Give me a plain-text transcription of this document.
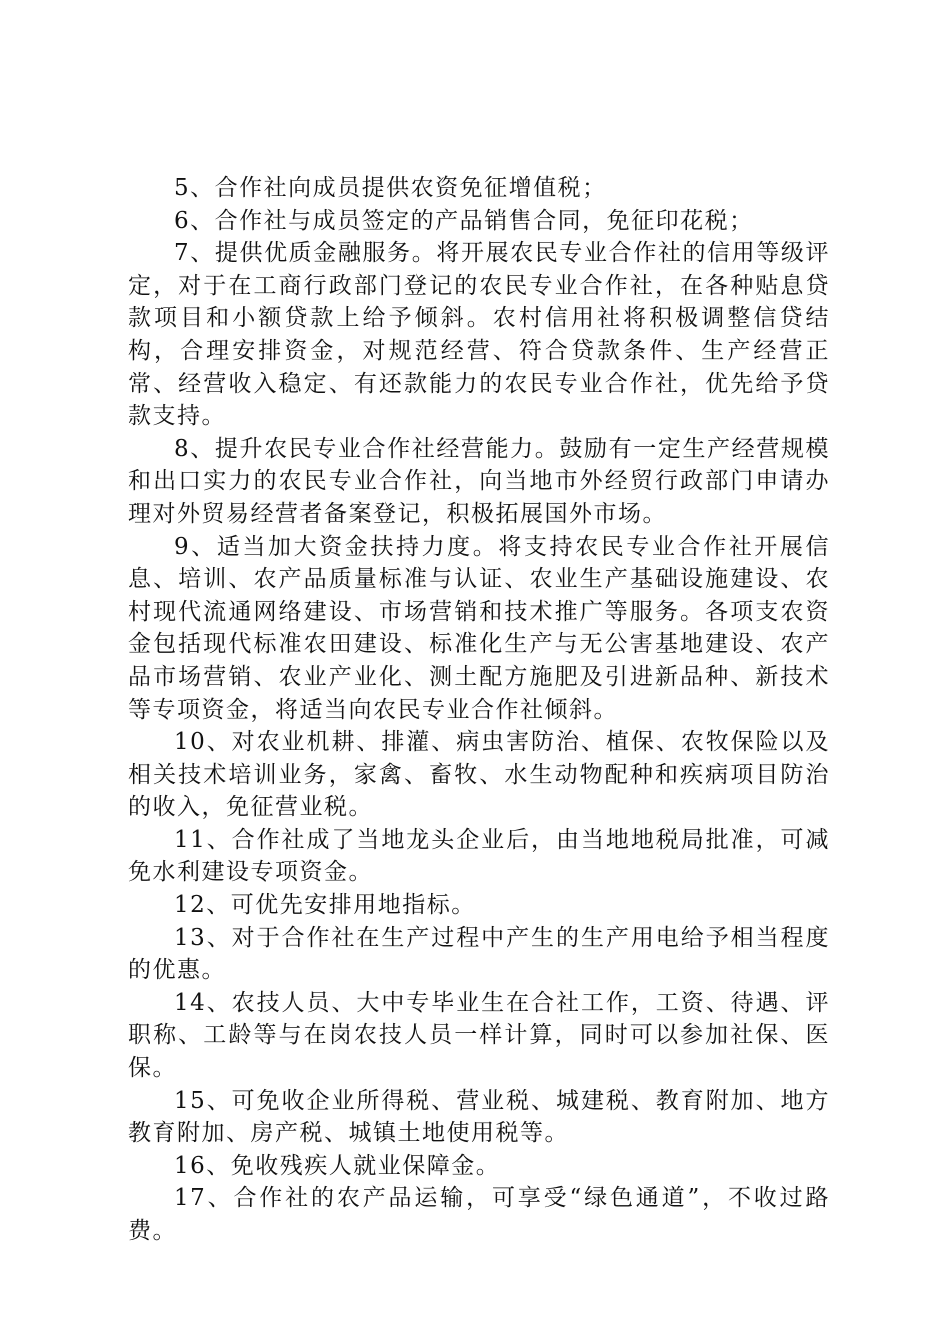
5、合作社向成员提供农资免征增值税；

6、合作社与成员签定的产品销售合同，免征印花税；

7、提供优质金融服务。将开展农民专业合作社的信用等级评定，对于在工商行政部门登记的农民专业合作社，在各种贴息贷款项目和小额贷款上给予倾斜。农村信用社将积极调整信贷结构，合理安排资金，对规范经营、符合贷款条件、生产经营正常、经营收入稳定、有还款能力的农民专业合作社，优先给予贷款支持。

8、提升农民专业合作社经营能力。鼓励有一定生产经营规模和出口实力的农民专业合作社，向当地市外经贸行政部门申请办理对外贸易经营者备案登记，积极拓展国外市场。

9、适当加大资金扶持力度。将支持农民专业合作社开展信息、培训、农产品质量标准与认证、农业生产基础设施建设、农村现代流通网络建设、市场营销和技术推广等服务。各项支农资金包括现代标准农田建设、标准化生产与无公害基地建设、农产品市场营销、农业产业化、测土配方施肥及引进新品种、新技术等专项资金，将适当向农民专业合作社倾斜。

10、对农业机耕、排灌、病虫害防治、植保、农牧保险以及相关技术培训业务，家禽、畜牧、水生动物配种和疾病项目防治的收入，免征营业税。

11、合作社成了当地龙头企业后，由当地地税局批准，可减免水利建设专项资金。

12、可优先安排用地指标。

13、对于合作社在生产过程中产生的生产用电给予相当程度的优惠。

14、农技人员、大中专毕业生在合社工作，工资、待遇、评职称、工龄等与在岗农技人员一样计算，同时可以参加社保、医保。

15、可免收企业所得税、营业税、城建税、教育附加、地方教育附加、房产税、城镇土地使用税等。

16、免收残疾人就业保障金。

17、合作社的农产品运输，可享受“绿色通道”，不收过路费。
